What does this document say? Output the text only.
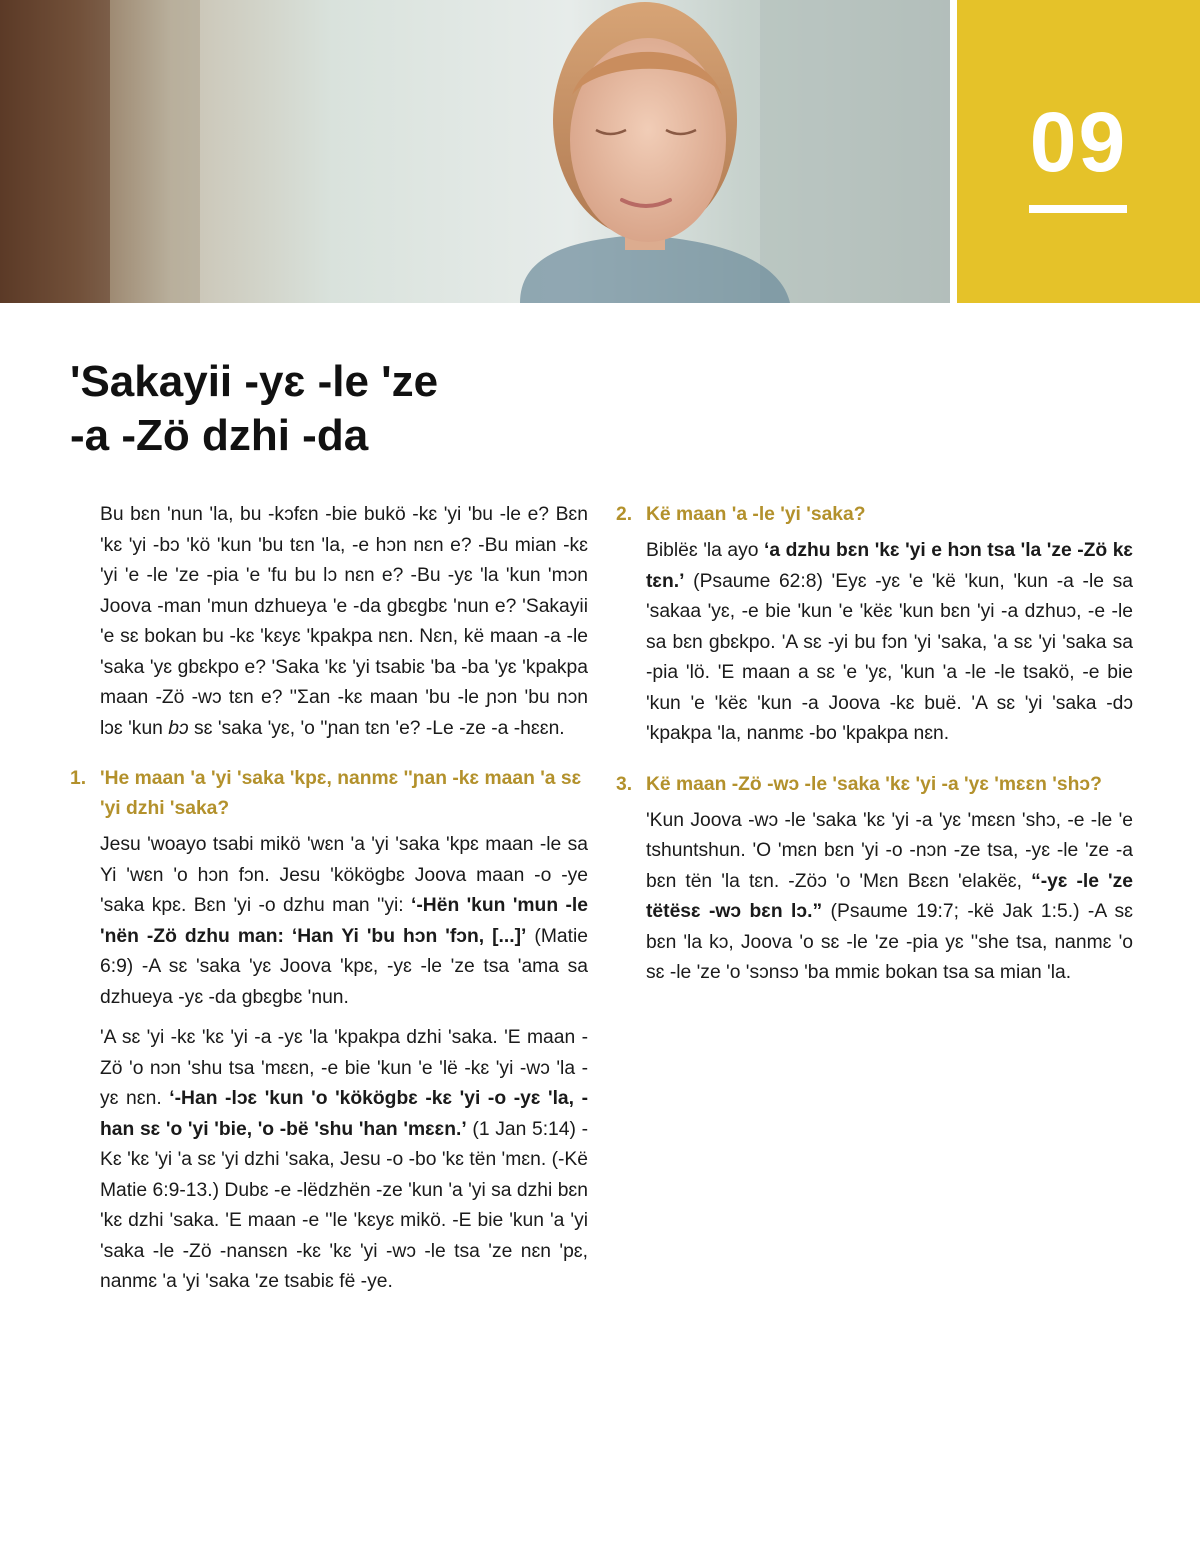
09
'Sakayii -yɛ -le 'ze
-a -Zö dzhi -da

Bu bɛn 'nun 'la, bu -kɔfɛn -bie bukö -kɛ 'yi 'bu -le e? Bɛn 'kɛ 'yi -bɔ 'kö 'kun 'bu tɛn 'la, -e hɔn nɛn e? -Bu mian -kɛ 'yi 'e -le 'ze -pia 'e 'fu bu lɔ nɛn e? -Bu -yɛ 'la 'kun 'mɔn Joova -man 'mun dzhueya 'e -da gbɛgbɛ 'nun e? 'Sakayii 'e sɛ bokan bu -kɛ 'kɛyɛ 'kpakpa nɛn. Nɛn, kë maan -a -le 'saka 'yɛ gbɛkpo e? 'Saka 'kɛ 'yi tsabiɛ 'ba -ba 'yɛ 'kpakpa maan -Zö -wɔ tɛn e? ''Ʃan -kɛ maan 'bu -le ɲɔn 'bu nɔn lɔɛ 'kun bɔ sɛ 'saka 'yɛ, 'o ''ɲan tɛn 'e? -Le -ze -a -hɛɛn.

1. 'He maan 'a 'yi 'saka 'kpɛ, nanmɛ ''ɲan -kɛ maan 'a sɛ 'yi dzhi 'saka?

Jesu 'woayo tsabi mikö 'wɛn 'a 'yi 'saka 'kpɛ maan -le sa Yi 'wɛn 'o hɔn fɔn. Jesu 'kökögbɛ Joova maan -o -ye 'saka kpɛ. Bɛn 'yi -o dzhu man ''yi: ‘-Hën 'kun 'mun -le 'nën -Zö dzhu man: ‘Han Yi 'bu hɔn 'fɔn, [...]’ (Matie 6:9) -A sɛ 'saka 'yɛ Joova 'kpɛ, -yɛ -le 'ze tsa 'ama sa dzhueya -yɛ -da gbɛgbɛ 'nun.

'A sɛ 'yi -kɛ 'kɛ 'yi -a -yɛ 'la 'kpakpa dzhi 'saka. 'E maan -Zö 'o nɔn 'shu tsa 'mɛɛn, -e bie 'kun 'e 'lë -kɛ 'yi -wɔ 'la -yɛ nɛn. ‘-Han -lɔɛ 'kun 'o 'kökögbɛ -kɛ 'yi -o -yɛ 'la, -han sɛ 'o 'yi 'bie, 'o -bë 'shu 'han 'mɛɛn.’ (1 Jan 5:14) -Kɛ 'kɛ 'yi 'a sɛ 'yi dzhi 'saka, Jesu -o -bo 'kɛ tën 'mɛn. (-Kë Matie 6:9-13.) Dubɛ -e -lëdzhën -ze 'kun 'a 'yi sa dzhi bɛn 'kɛ dzhi 'saka. 'E maan -e ''le 'kɛyɛ mikö. -E bie 'kun 'a 'yi 'saka -le -Zö -nansɛn -kɛ 'kɛ 'yi -wɔ -le tsa 'ze nɛn 'pɛ, nanmɛ 'a 'yi 'saka 'ze tsabiɛ fë -ye.

2. Kë maan 'a -le 'yi 'saka?

Biblëɛ 'la ayo ‘a dzhu bɛn 'kɛ 'yi e hɔn tsa 'la 'ze -Zö kɛ tɛn.’ (Psaume 62:8) 'Eyɛ -yɛ 'e 'kë 'kun, 'kun -a -le sa 'sakaa 'yɛ, -e bie 'kun 'e 'këɛ 'kun bɛn 'yi -a dzhuɔ, -e -le sa bɛn gbɛkpo. 'A sɛ -yi bu fɔn 'yi 'saka, 'a sɛ 'yi 'saka sa -pia 'lö. 'E maan a sɛ 'e 'yɛ, 'kun 'a -le -le tsakö, -e bie 'kun 'e 'këɛ 'kun -a Joova -kɛ buë. 'A sɛ 'yi 'saka -dɔ 'kpakpa 'la, nanmɛ -bo 'kpakpa nɛn.

3. Kë maan -Zö -wɔ -le 'saka 'kɛ 'yi -a 'yɛ 'mɛɛn 'shɔ?

'Kun Joova -wɔ -le 'saka 'kɛ 'yi -a 'yɛ 'mɛɛn 'shɔ, -e -le 'e tshuntshun. 'O 'mɛn bɛn 'yi -o -nɔn -ze tsa, -yɛ -le 'ze -a bɛn tën 'la tɛn. -Zöɔ 'o 'Mɛn Bɛɛn 'elakëɛ, “-yɛ -le 'ze tëtësɛ -wɔ bɛn lɔ.” (Psaume 19:7; -kë Jak 1:5.) -A sɛ bɛn 'la kɔ, Joova 'o sɛ -le 'ze -pia yɛ ''she tsa, nanmɛ 'o sɛ -le 'ze 'o 'sɔnsɔ 'ba mmiɛ bokan tsa sa mian 'la.
